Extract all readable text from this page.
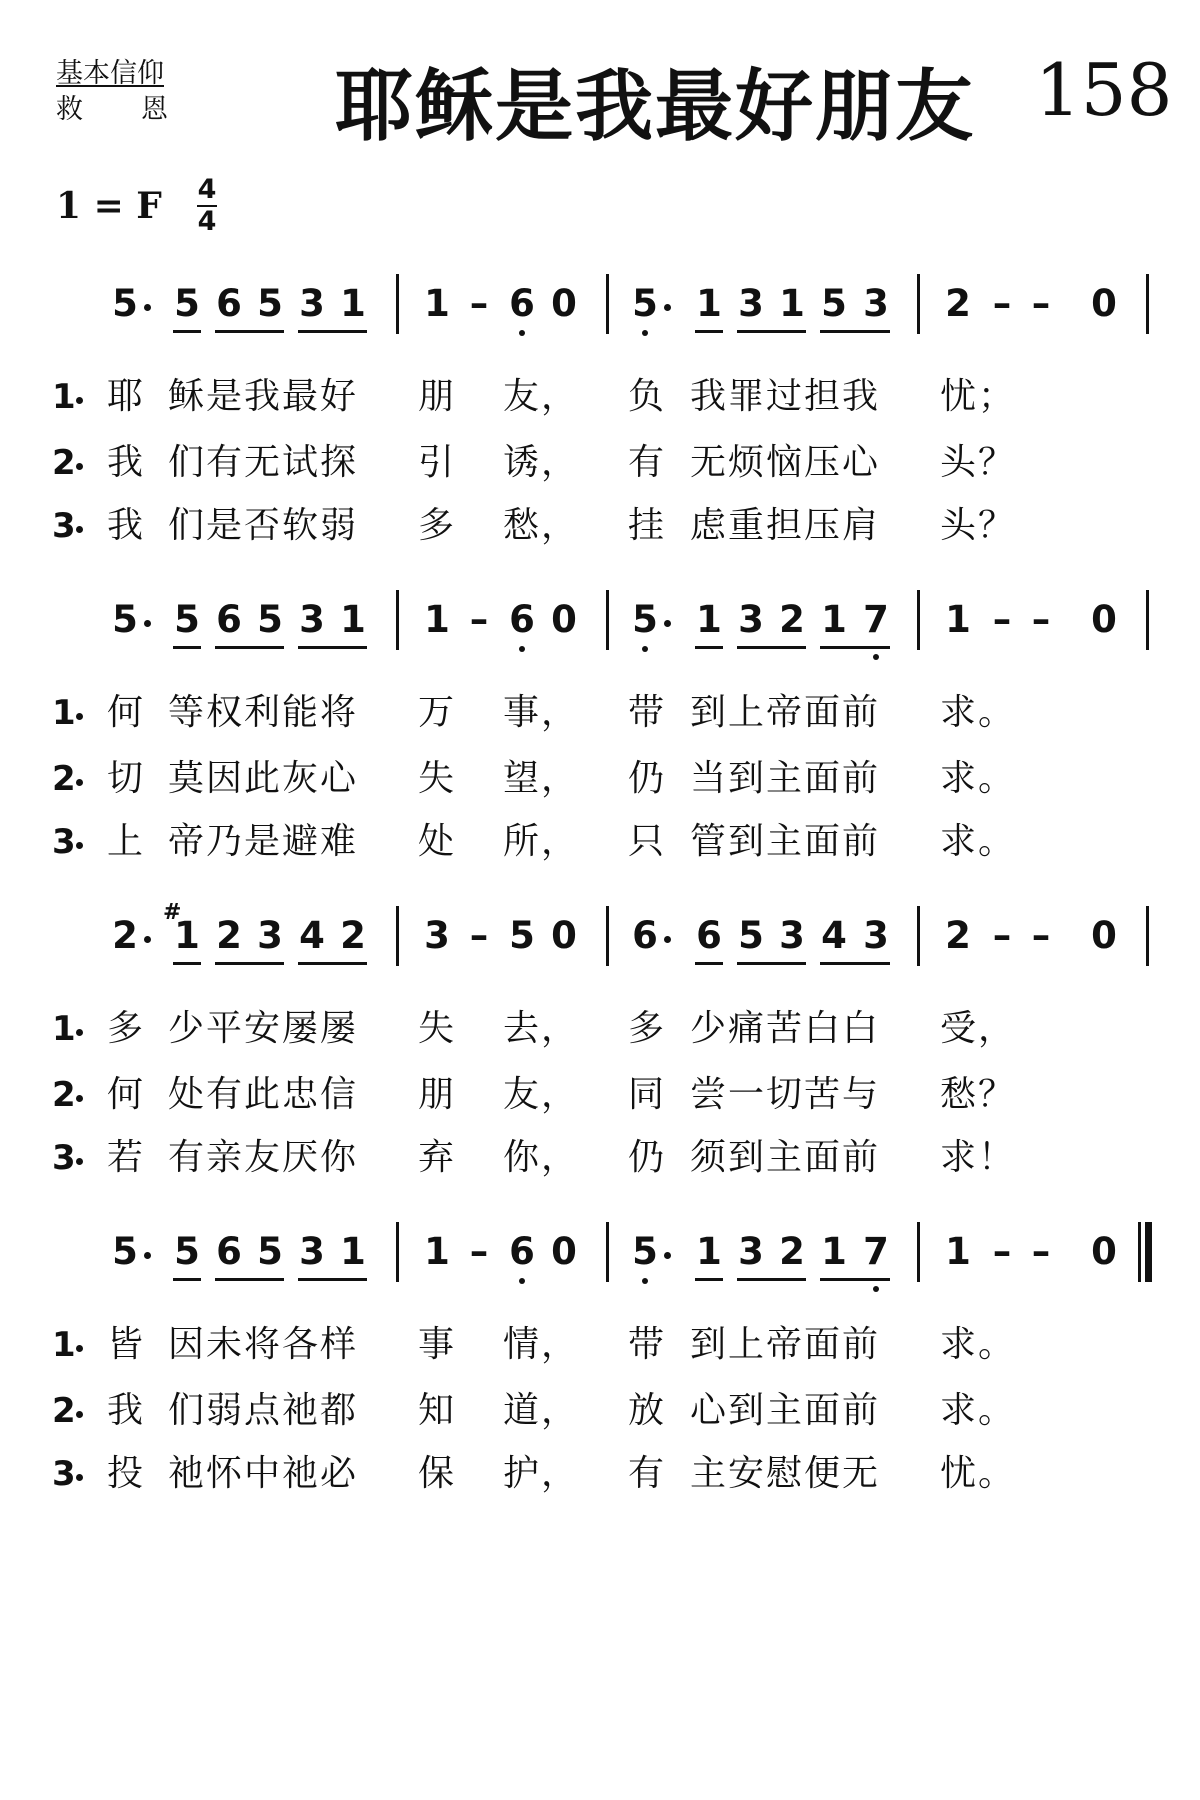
基本信仰
救恩 耶稣是我最好朋友 158
1 = F 4
4
5 5 6 5 3 1 1 – 6 0 5 1 3 1 5 3 2 – – 0
1 耶 稣是我最好 朋 友， 负 我罪过担我 忧；
2 我 们有无试探 引 诱， 有 无烦恼压心 头？
3 我 们是否软弱 多 愁， 挂 虑重担压肩 头？
5 5 6 5 3 1 1 – 6 0 5 1 3 2 1 7 1 – – 0
1 何 等权利能将 万 事， 带 到上帝面前 求。
2 切 莫因此灰心 失 望， 仍 当到主面前 求。
3 上 帝乃是避难 处 所， 只 管到主面前 求。
2 1 2 3 4 2 3 – 5 0 6 6 5 3 4 3 2 – – 0
#
1 多 少平安屡屡 失 去， 多 少痛苦白白 受，
2 何 处有此忠信 朋 友， 同 尝一切苦与 愁？
3 若 有亲友厌你 弃 你， 仍 须到主面前 求！
5 5 6 5 3 1 1 – 6 0 5 1 3 2 1 7 1 – – 0
1 皆 因未将各样 事 情， 带 到上帝面前 求。
2 我 们弱点祂都 知 道， 放 心到主面前 求。
3 投 祂怀中祂必 保 护， 有 主安慰便无 忧。
